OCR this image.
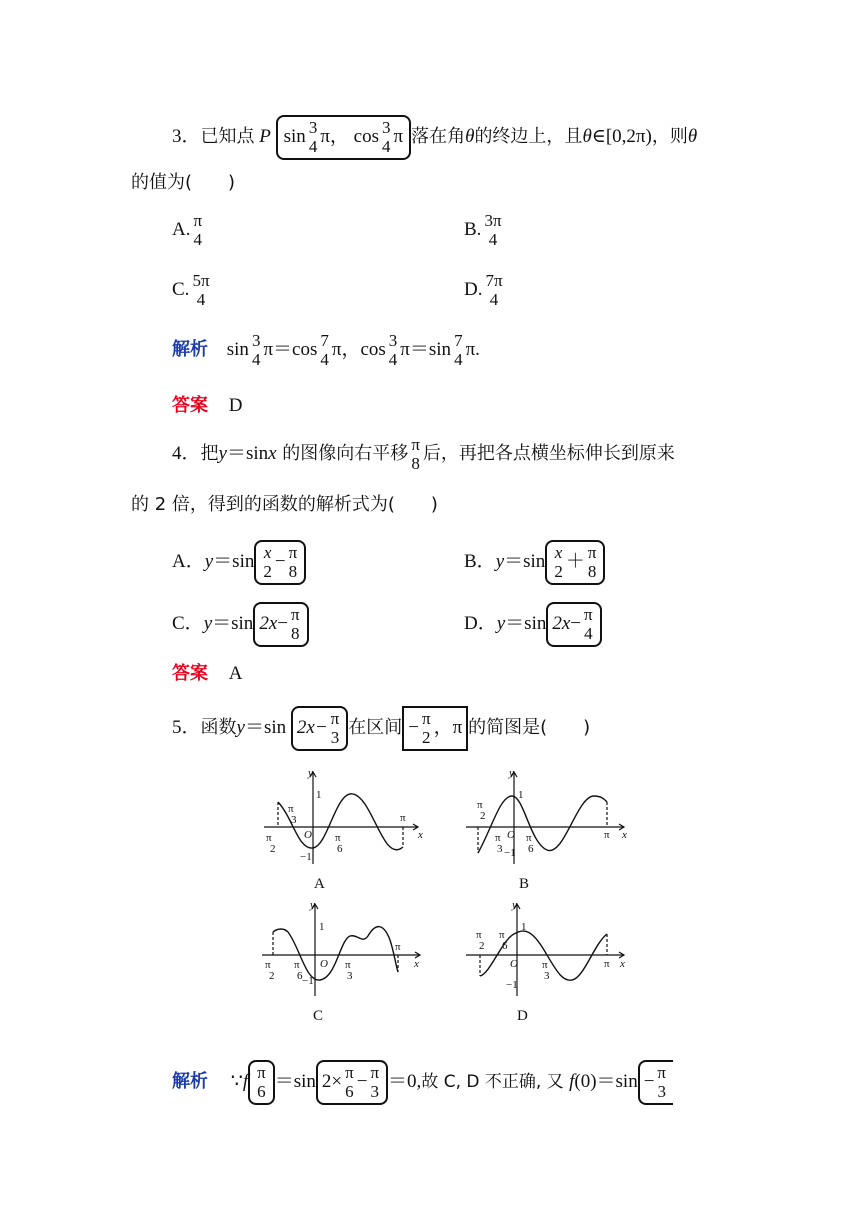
3．已知点 P sin 3
4 π， cos 3
4 π 落在角θ的终边上，且θ∈[0,2π)，则θ
的值为(　　)
A. π
4	B. 3π
4
C. 5π
4	D. 7π
4
解析 sin 3
4 π＝cos 7
4 π，cos 3
4 π＝sin 7
4 π.
答案 D
4．把y＝sinx 的图像向右平移 π
8 后，再把各点横坐标伸长到原来
的 2 倍，得到的函数的解析式为(　　)
A．y＝sin x
2 − π
8	B．y＝sin x
2 ＋ π
8
C．y＝sin 2x− π
8	D．y＝sin 2x− π
4
答案 A
5．函数y＝sin 2x− π
3 在区间 − π
2 ，π 的简图是(　　)
y
x
1
−1
O
π
π
3
π
2
π
6
A
y
x
1
−1
O	π
π
2
π
3
π
6
B
y
x
1
−1
O
π
π
2
π
6
π
3
C
y
x
1
−1
O	π
π
2
π
6
π
3
D
解析 ∵f π
6 ＝sin 2× π
6 − π
3 ＝0,故 C, D 不正确, 又 f(0)＝sin − π
3
